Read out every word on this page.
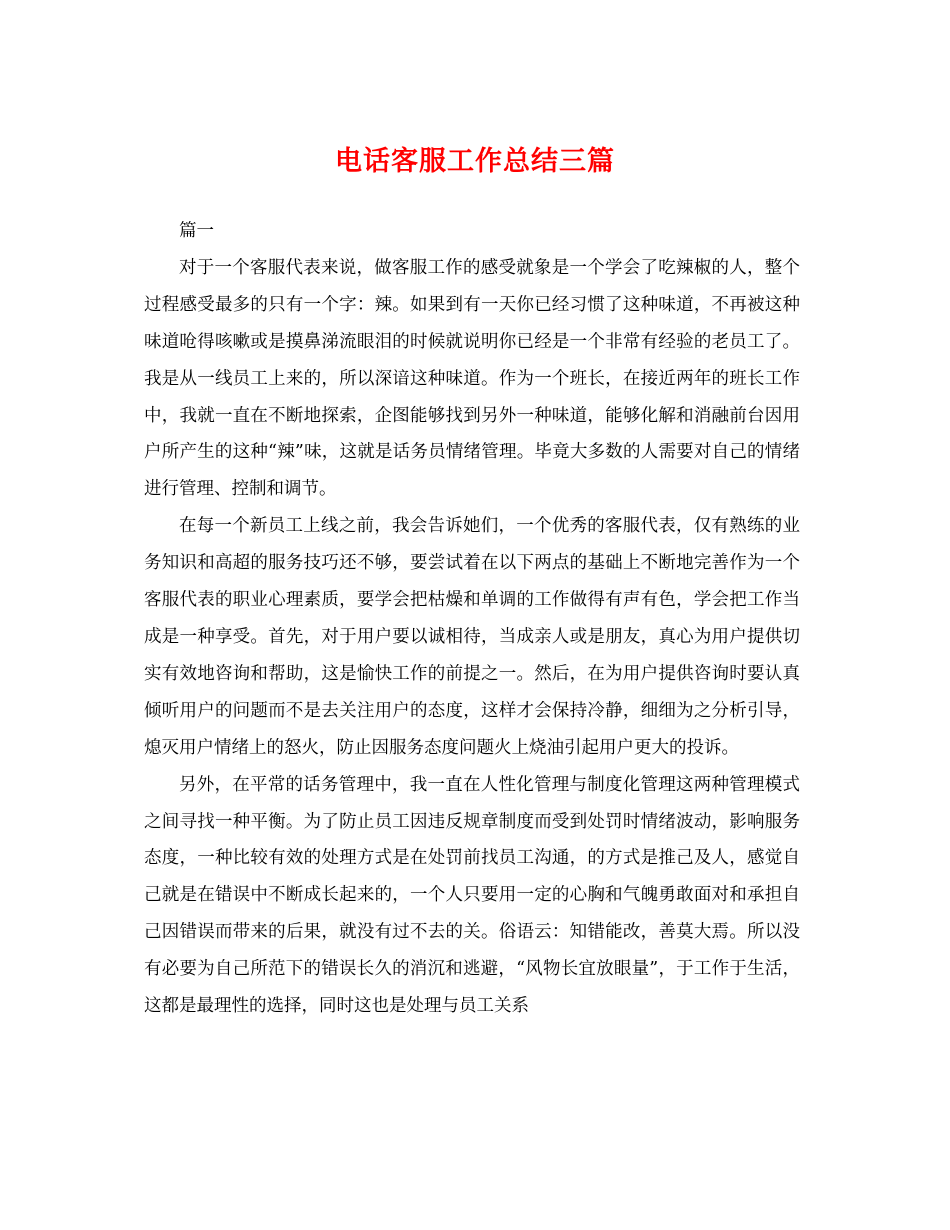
电话客服工作总结三篇

篇一

对于一个客服代表来说，做客服工作的感受就象是一个学会了吃辣椒的人，整个过程感受最多的只有一个字：辣。如果到有一天你已经习惯了这种味道，不再被这种味道呛得咳嗽或是摸鼻涕流眼泪的时候就说明你已经是一个非常有经验的老员工了。我是从一线员工上来的，所以深谙这种味道。作为一个班长，在接近两年的班长工作中，我就一直在不断地探索，企图能够找到另外一种味道，能够化解和消融前台因用户所产生的这种“辣”味，这就是话务员情绪管理。毕竟大多数的人需要对自己的情绪进行管理、控制和调节。

在每一个新员工上线之前，我会告诉她们，一个优秀的客服代表，仅有熟练的业务知识和高超的服务技巧还不够，要尝试着在以下两点的基础上不断地完善作为一个客服代表的职业心理素质，要学会把枯燥和单调的工作做得有声有色，学会把工作当成是一种享受。首先，对于用户要以诚相待，当成亲人或是朋友，真心为用户提供切实有效地咨询和帮助，这是愉快工作的前提之一。然后，在为用户提供咨询时要认真倾听用户的问题而不是去关注用户的态度，这样才会保持冷静，细细为之分析引导，熄灭用户情绪上的怒火，防止因服务态度问题火上烧油引起用户更大的投诉。

另外，在平常的话务管理中，我一直在人性化管理与制度化管理这两种管理模式之间寻找一种平衡。为了防止员工因违反规章制度而受到处罚时情绪波动，影响服务态度，一种比较有效的处理方式是在处罚前找员工沟通，的方式是推己及人，感觉自己就是在错误中不断成长起来的，一个人只要用一定的心胸和气魄勇敢面对和承担自己因错误而带来的后果，就没有过不去的关。俗语云：知错能改，善莫大焉。所以没有必要为自己所范下的错误长久的消沉和逃避，“风物长宜放眼量”，于工作于生活，这都是最理性的选择，同时这也是处理与员工关系
